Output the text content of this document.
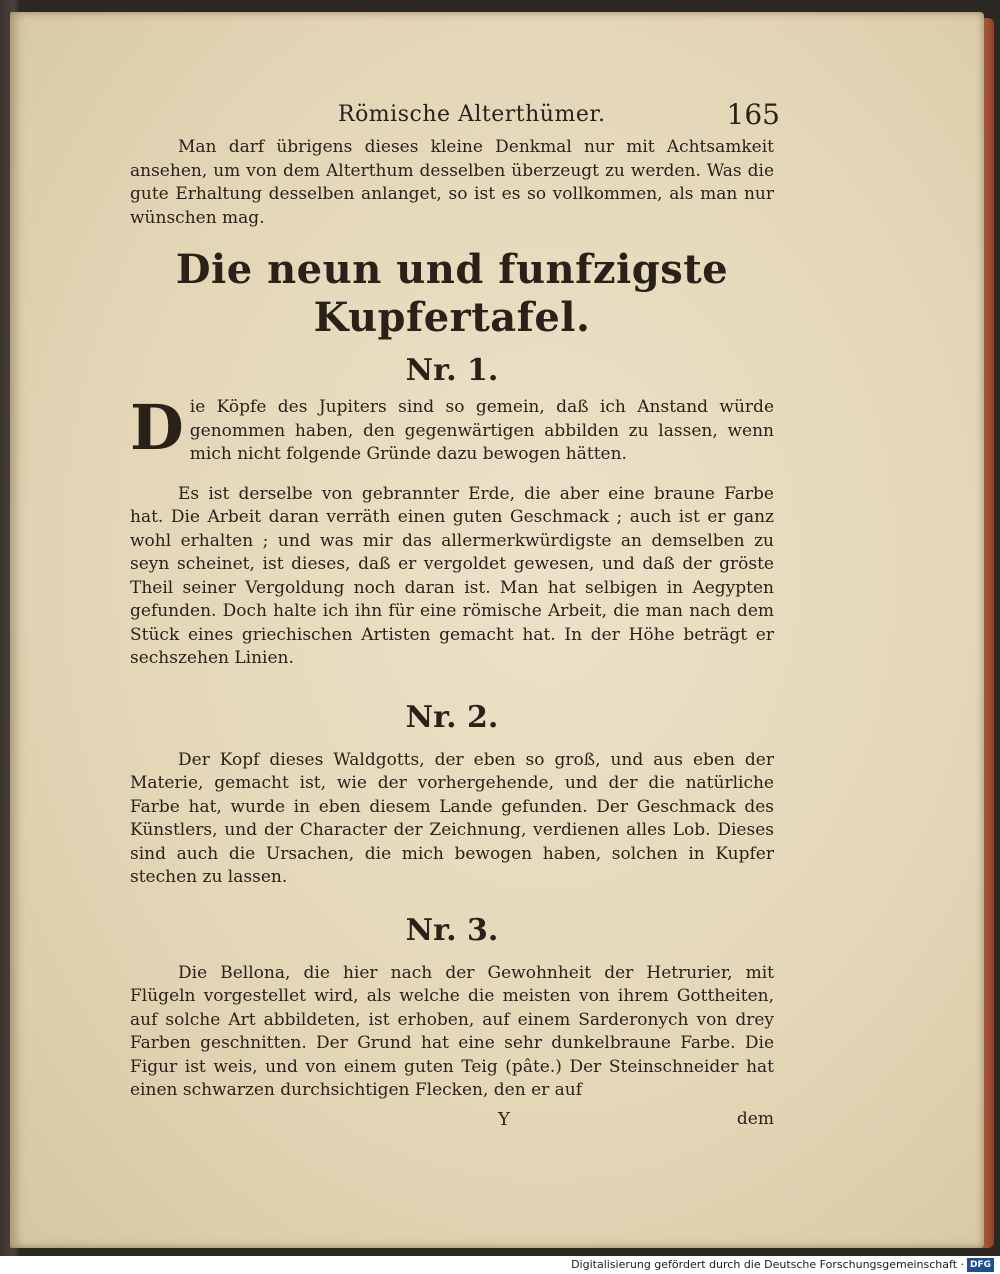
Römische Alterthümer.	165

Man darf übrigens dieses kleine Denkmal nur mit Achtsamkeit ansehen, um von dem Alterthum desselben überzeugt zu werden. Was die gute Erhaltung desselben anlanget, so ist es so vollkommen, als man nur wünschen mag.

Die neun und funfzigste Kupfertafel.
Nr. 1.

Die Köpfe des Jupiters sind so gemein, daß ich Anstand würde genommen haben, den gegenwärtigen abbilden zu lassen, wenn mich nicht folgende Gründe dazu bewogen hätten.

Es ist derselbe von gebrannter Erde, die aber eine braune Farbe hat. Die Arbeit daran verräth einen guten Geschmack ; auch ist er ganz wohl erhalten ; und was mir das allermerkwürdigste an demselben zu seyn scheinet, ist dieses, daß er vergoldet gewesen, und daß der gröste Theil seiner Vergoldung noch daran ist. Man hat selbigen in Aegypten gefunden. Doch halte ich ihn für eine römische Arbeit, die man nach dem Stück eines griechischen Artisten gemacht hat. In der Höhe beträgt er sechszehen Linien.

Nr. 2.

Der Kopf dieses Waldgotts, der eben so groß, und aus eben der Materie, gemacht ist, wie der vorhergehende, und der die natürliche Farbe hat, wurde in eben diesem Lande gefunden. Der Geschmack des Künstlers, und der Character der Zeichnung, verdienen alles Lob. Dieses sind auch die Ursachen, die mich bewogen haben, solchen in Kupfer stechen zu lassen.

Nr. 3.

Die Bellona, die hier nach der Gewohnheit der Hetrurier, mit Flügeln vorgestellet wird, als welche die meisten von ihrem Gottheiten, auf solche Art abbildeten, ist erhoben, auf einem Sarderonych von drey Farben geschnitten. Der Grund hat eine sehr dunkelbraune Farbe. Die Figur ist weis, und von einem guten Teig (pâte.) Der Steinschneider hat einen schwarzen durchsichtigen Flecken, den er auf

Y	dem
Digitalisierung gefördert durch die Deutsche Forschungsgemeinschaft · DFG
